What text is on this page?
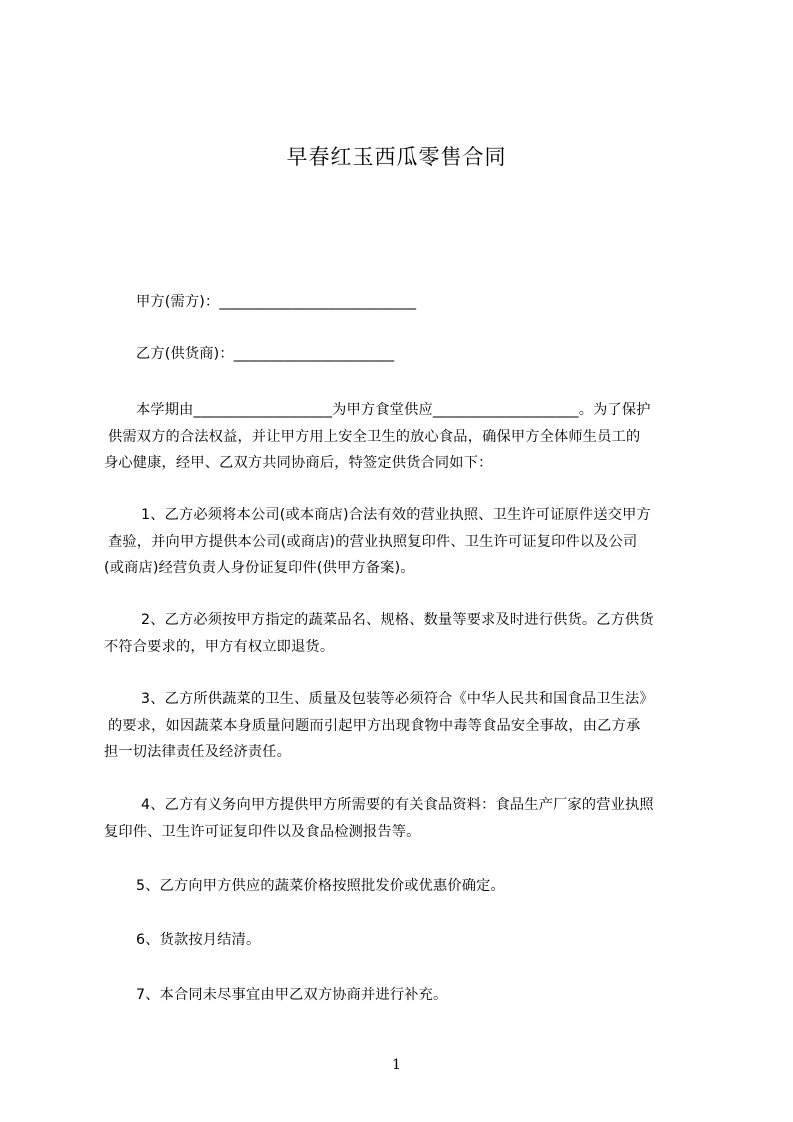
早春红玉西瓜零售合同
甲方(需方)：___________________________
乙方(供货商)：______________________
本学期由___________________为甲方食堂供应____________________。为了保护
供需双方的合法权益，并让甲方用上安全卫生的放心食品，确保甲方全体师生员工的
身心健康，经甲、乙双方共同协商后，特签定供货合同如下：
1、乙方必须将本公司(或本商店)合法有效的营业执照、卫生许可证原件送交甲方
查验，并向甲方提供本公司(或商店)的营业执照复印件、卫生许可证复印件以及公司
(或商店)经营负责人身份证复印件(供甲方备案)。
2、乙方必须按甲方指定的蔬菜品名、规格、数量等要求及时进行供货。乙方供货
不符合要求的，甲方有权立即退货。
3、乙方所供蔬菜的卫生、质量及包装等必须符合《中华人民共和国食品卫生法》
的要求，如因蔬菜本身质量问题而引起甲方出现食物中毒等食品安全事故，由乙方承
担一切法律责任及经济责任。
4、乙方有义务向甲方提供甲方所需要的有关食品资料：食品生产厂家的营业执照
复印件、卫生许可证复印件以及食品检测报告等。
5、乙方向甲方供应的蔬菜价格按照批发价或优惠价确定。
6、货款按月结清。
7、本合同未尽事宜由甲乙双方协商并进行补充。
1
